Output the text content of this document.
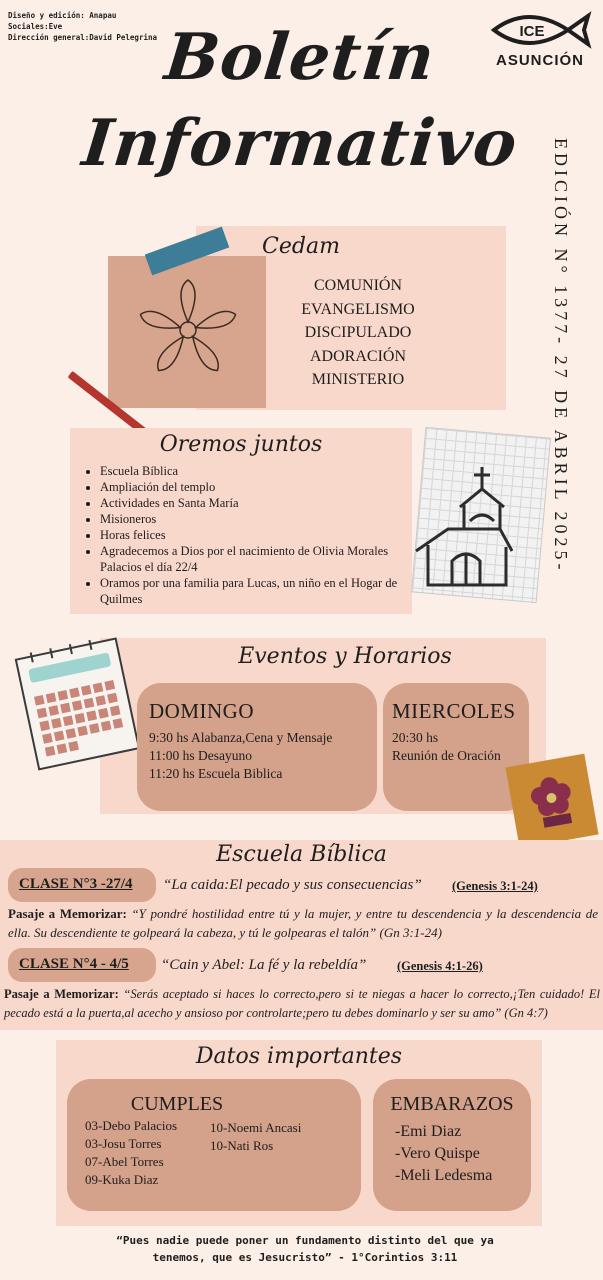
Diseño y edición: Anapau
Sociales:Eve
Dirección general:David Pelegrina	ICE
ASUNCIÓN
Boletín
Informativo EDICIÓN N° 1377- 27 DE ABRIL 2025-
Cedam
COMUNIÓN
EVANGELISMO
DISCIPULADO
ADORACIÓN
MINISTERIO
Oremos juntos
• Escuela Bíblica
• Ampliación del templo
• Actividades en Santa María
• Misioneros
• Horas felices
• Agradecemos a Dios por el nacimiento de Olivia Morales Palacios el día 22/4
• Oramos por una familia para Lucas, un niño en el Hogar de Quilmes
Eventos y Horarios
DOMINGO
9:30 hs Alabanza,Cena y Mensaje
11:00 hs Desayuno
11:20 hs Escuela Biblica
MIERCOLES
20:30 hs
Reunión de Oración
Escuela Bíblica
CLASE N°3 -27/4 “La caida:El pecado y sus consecuencias” (Genesis 3:1-24)
Pasaje a Memorizar: “Y pondré hostilidad entre tú y la mujer, y entre tu descendencia y la descendencia de ella. Su descendiente te golpeará la cabeza, y tú le golpearas el talón” (Gn 3:1-24)
CLASE N°4 - 4/5 “Cain y Abel: La fé y la rebeldía” (Genesis 4:1-26)
Pasaje a Memorizar: “Serás aceptado si haces lo correcto,pero si te niegas a hacer lo correcto,¡Ten cuidado! El pecado está a la puerta,al acecho y ansioso por controlarte;pero tu debes dominarlo y ser su amo” (Gn 4:7)
Datos importantes
CUMPLES
03-Debo Palacios
03-Josu Torres
07-Abel Torres
09-Kuka Diaz
10-Noemi Ancasi
10-Nati Ros
EMBARAZOS
-Emi Diaz
-Vero Quispe
-Meli Ledesma
“Pues nadie puede poner un fundamento distinto del que ya
tenemos, que es Jesucristo” - 1°Corintios 3:11
